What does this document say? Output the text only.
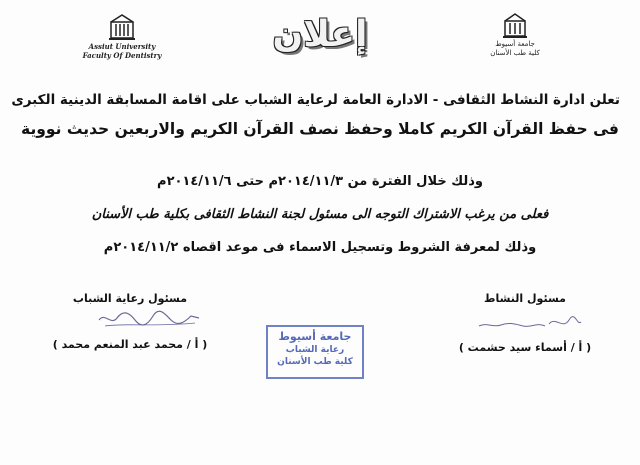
Assiut University
Faculty Of Dentistry
جامعة أسيوط
كلية طب الأسنان
إعلان
تعلن ادارة النشاط الثقافى - الادارة العامة لرعاية الشباب على اقامة المسابقة الدينية الكبرى
فى حفظ القرآن الكريم كاملا وحفظ نصف القرآن الكريم والاربعين حديث نووية
وذلك خلال الفترة من ٢٠١٤/١١/٣م حتى ٢٠١٤/١١/٦م
فعلى من يرغب الاشتراك التوجه الى مسئول لجنة النشاط الثقافى بكلية طب الأسنان
وذلك لمعرفة الشروط وتسجيل الاسماء فى موعد اقصاه ٢٠١٤/١١/٢م
مسئول رعاية الشباب
( أ / محمد عبد المنعم محمد )
مسئول النشاط
( أ / أسماء سيد حشمت )
جامعة أسيوط
رعاية الشباب
كلية طب الأسنان
